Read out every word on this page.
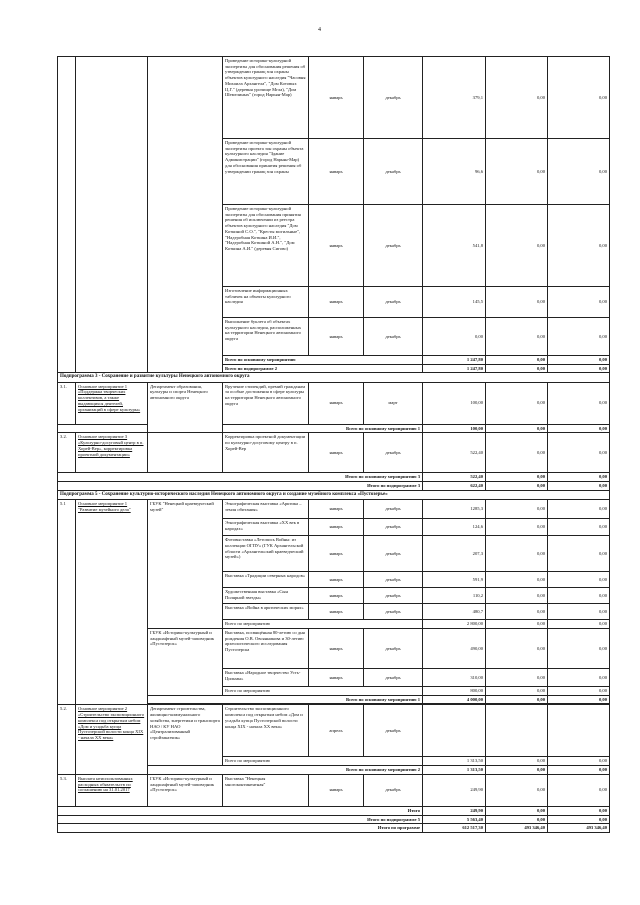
4
			Проведение историко-культурной экспертизы для обоснования решения об утверждении границ зон охраны объектов культурного наследия "Часовня Михаила Архангела", "Дом Котовых Ц.Г." (деревня урочище Мгла), "Дом Шемелиных" (город Нарьян-Мар)	январь	декабрь	379,1	0,00	0,00
			Проведение историко-культурной экспертизы проекта зон охраны объекта культурного наследия "Здание Администрации" (город Нарьян-Мар) для обоснования принятия решения об утверждении границ зон охраны	январь	декабрь	96,6	0,00	0,00
			Проведение историко-культурной экспертизы для обоснования принятия решения об исключении из реестра объектов культурного наследия "Дом Коткиной С.О.", "Кресты могильные", "Надгробная Коткина И.И.", "Надгробная Коткиной А.Н.", "Дом Коткина А.И." (деревня Сигово)	январь	декабрь	541,8	0,00	0,00
			Изготовление информационных табличек на объекты культурного наследия	январь	декабрь	145,5	0,00	0,00
			Выполнение буклета об объектах культурного наследия, расположенных на территории Ненецкого автономного округа	январь	декабрь	0,00	0,00	0,00
			Всего по основному мероприятию			1 247,80	0,00	0,00
			Всего по подпрограмме 2			1 247,80	0,00	0,00
Подпрограмма 3 - Сохранение и развитие культуры Ненецкого автономного округа								
3.1.	Основное мероприятие 1 «Поддержка творческих коллективов, а также выдающихся деятелей, организаций в сфере культуры»	Департамент образования, культуры и спорта Ненецкого автономного округа	Вручение стипендий, премий гражданам за особые достижения в сфере культуры на территории Ненецкого автономного округа	январь	март	100,00	0,00	0,00
			Всего по основному мероприятию 1			100,00	0,00	0,00
3.2.	Основное мероприятие 3 «Культурно-досуговый центр в п. Хорей-Вер», корректировка проектной документации»		Корректировка проектной документации по культурно-досуговому центру в п. Хорей-Вер	январь	декабрь	522,40	0,00	0,00
Итого по основному мероприятию 3						522,40	0,00	0,00
Итого по подпрограмме 3						622,40	0,00	0,00
Подпрограмма 5 - Сохранение культурно-исторического наследия Ненецкого автономного округа и создание музейного комплекса «Пустозерье»								
5.1	Основное мероприятие 1 "Развитие музейного дела"	ГБУК "Ненецкий краеведческий музей"	Этнографическая выставка «Арктика – земля обитания»	январь	декабрь	1285,3	0,00	0,00
			Этнографическая выставка «XX век в народах»	январь	декабрь	124,6	0,00	0,00
			Фотовыставка «Летопись Войны: из коллекции ОГПУ» (ГУК Архангельской области «Архангельский краеведческий музей»)	январь	декабрь	207,3	0,00	0,00
			Выставка «Традиции северных народов»	январь	декабрь	591,9	0,00	0,00
			Художественная выставка «Сын Полярной звезды»	январь	декабрь	110,2	0,00	0,00
			Выставка «Война в арктических морях»	январь	декабрь	480,7	0,00	0,00
			Всего по мероприятию			2 800,00	0,00	0,00
		ГБУК «Историко-культурный и ландшафтный музей-заповедник «Пустозерск»	Выставка, посвящённая 80-летию со дня рождения О.В. Овсянникова и 30-летию археологического исследования Пустозерска	январь	декабрь	490,00	0,00	0,00
			Выставка «Народное творчество Усть-Цильмы»	январь	декабрь	310,00	0,00	0,00
			Всего по мероприятию			800,00	0,00	0,00
		Всего по основному мероприятию 1				4 000,00	0,00	0,00

5.2.	Основное мероприятие 2 «Строительство экспозиционного комплекса под открытым небом «Дом и усадьба купца Пустозерской волости конца XIX - начала XX века»	Департамент строительства, жилищно-коммунального хозяйства, энергетики и транспорта НАО / КУ НАО «Централизованный стройзаказчик»	Строительство экспозиционного комплекса под открытым небом «Дом и усадьба купца Пустозерской волости конца XIX - начала XX века»	апрель	декабрь			
			Всего по мероприятию			1 313,50	0,00	0,00
		Всего по основному мероприятию 2				1 313,50	0,00	0,00
5.3.	Выплата неиспользованных расходных обязательств по соглашению на 31.01.2017	ГБУК «Историко-культурный и ландшафтный музей-заповедник «Пустозерск»	Выставка "Ненецкая многоконтинентная"	январь	декабрь	249,90	0,00	0,00
Итого						249,90	0,00	0,00
Итого по подпрограмме 5						5 563,40	0,00	0,00
Итого по программе						612 517,30	493 346,40	493 346,40
